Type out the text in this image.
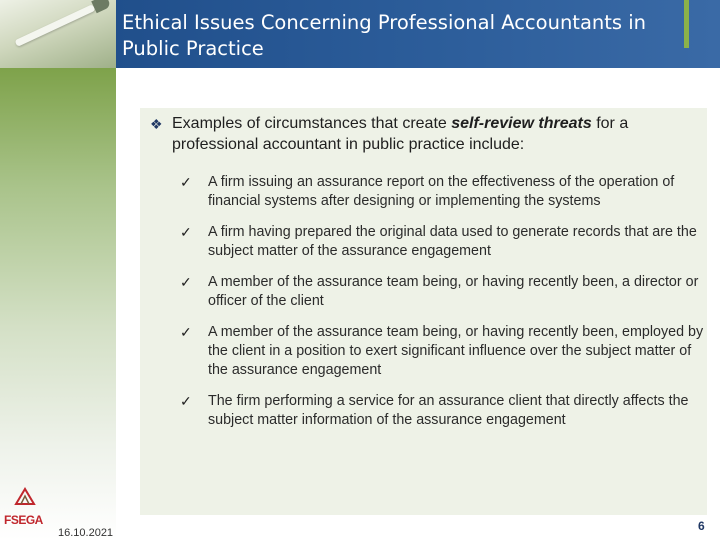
Ethical Issues Concerning Professional Accountants in
Public Practice
❖ Examples of circumstances that create self-review threats for a professional accountant in public practice include:
✓ A firm issuing an assurance report on the effectiveness of the operation of financial systems after designing or implementing the systems
✓ A firm having prepared the original data used to generate records that are the subject matter of the assurance engagement
✓ A member of the assurance team being, or having recently been, a director or officer of the client
✓ A member of the assurance team being, or having recently been, employed by the client in a position to exert significant influence over the subject matter of the assurance engagement
✓ The firm performing a service for an assurance client that directly affects the subject matter information of the assurance engagement
FSEGA
16.10.2021	6
